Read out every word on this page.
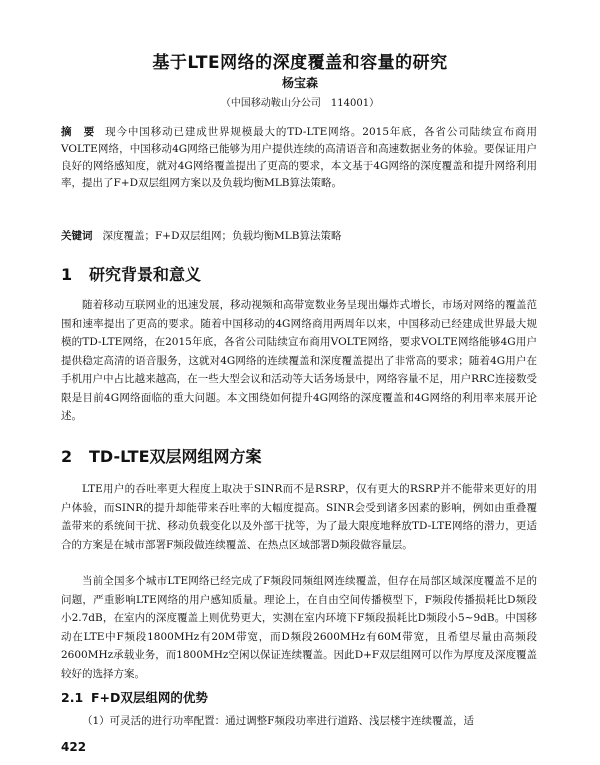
基于LTE网络的深度覆盖和容量的研究
杨宝森
（中国移动鞍山分公司　114001）
摘　要 现今中国移动已建成世界规模最大的TD-LTE网络。2015年底，各省公司陆续宣布商用VOLTE网络，中国移动4G网络已能够为用户提供连续的高清语音和高速数据业务的体验。要保证用户良好的网络感知度，就对4G网络覆盖提出了更高的要求，本文基于4G网络的深度覆盖和提升网络利用率，提出了F+D双层组网方案以及负载均衡MLB算法策略。
关键词 深度覆盖；F+D双层组网；负载均衡MLB算法策略
1 研究背景和意义
随着移动互联网业的迅速发展，移动视频和高带宽数业务呈现出爆炸式增长，市场对网络的覆盖范围和速率提出了更高的要求。随着中国移动的4G网络商用两周年以来，中国移动已经建成世界最大规模的TD-LTE网络，在2015年底，各省公司陆续宣布商用VOLTE网络，要求VOLTE网络能够4G用户提供稳定高清的语音服务，这就对4G网络的连续覆盖和深度覆盖提出了非常高的要求；随着4G用户在手机用户中占比越来越高，在一些大型会议和活动等大话务场景中，网络容量不足，用户RRC连接数受限是目前4G网络面临的重大问题。本文围绕如何提升4G网络的深度覆盖和4G网络的利用率来展开论述。
2 TD-LTE双层网组网方案
LTE用户的吞吐率更大程度上取决于SINR而不是RSRP，仅有更大的RSRP并不能带来更好的用户体验，而SINR的提升却能带来吞吐率的大幅度提高。SINR会受到诸多因素的影响，例如由重叠覆盖带来的系统间干扰、移动负载变化以及外部干扰等，为了最大限度地释放TD-LTE网络的潜力，更适合的方案是在城市部署F频段做连续覆盖、在热点区域部署D频段做容量层。
当前全国多个城市LTE网络已经完成了F频段同频组网连续覆盖，但存在局部区域深度覆盖不足的问题，严重影响LTE网络的用户感知质量。理论上，在自由空间传播模型下，F频段传播损耗比D频段小2.7dB，在室内的深度覆盖上则优势更大，实测在室内环境下F频段损耗比D频段小5~9dB。中国移动在LTE中F频段1800MHz有20M带宽，而D频段2600MHz有60M带宽，且希望尽量由高频段2600MHz承载业务，而1800MHz空闲以保证连续覆盖。因此D+F双层组网可以作为厚度及深度覆盖较好的选择方案。
2.1 F+D双层组网的优势
（1）可灵活的进行功率配置：通过调整F频段功率进行道路、浅层楼宇连续覆盖，适
422
